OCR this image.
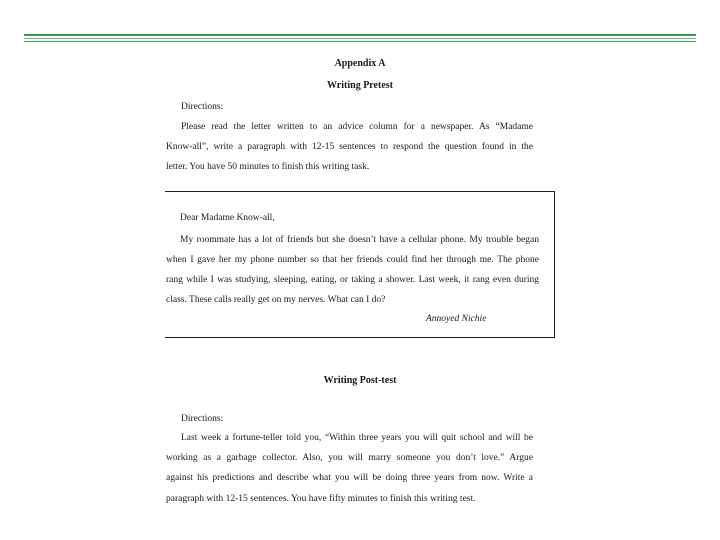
Appendix A
Writing Pretest
Directions:
Please read the letter written to an advice column for a newspaper. As “Madame
Know-all”, write a paragraph with 12-15 sentences to respond the question found in the
letter. You have 50 minutes to finish this writing task.
Dear Madame Know-all,
My roommate has a lot of friends but she doesn’t have a cellular phone. My trouble began
when I gave her my phone number so that her friends could find her through me. The phone
rang while I was studying, sleeping, eating, or taking a shower. Last week, it rang even during
class. These calls really get on my nerves. What can I do?
Annoyed Nichie
Writing Post-test
Directions:
Last week a fortune-teller told you, “Within three years you will quit school and will be
working as a garbage collector. Also, you will marry someone you don’t love.” Argue
against his predictions and describe what you will be doing three years from now. Write a
paragraph with 12-15 sentences. You have fifty minutes to finish this writing test.
